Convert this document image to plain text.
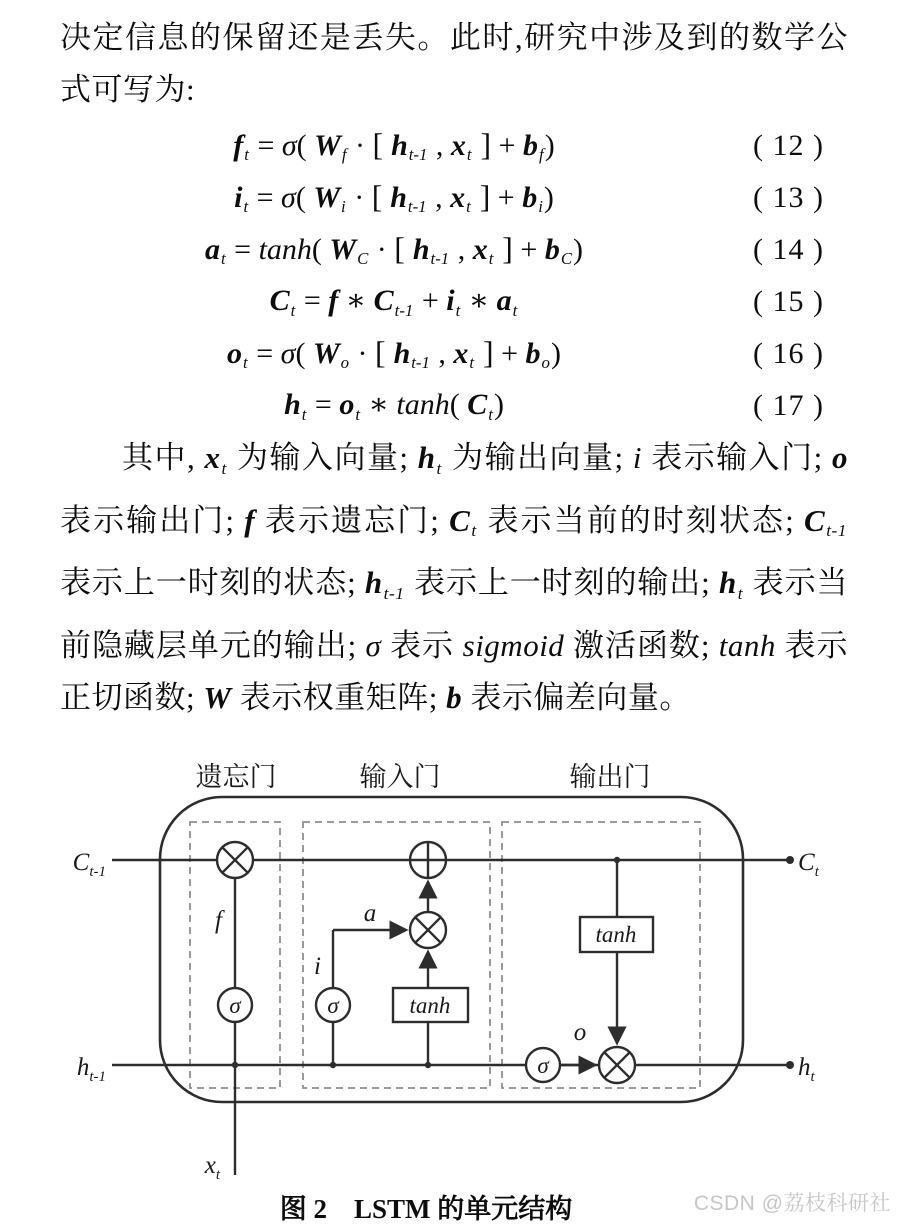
决定信息的保留还是丢失。此时,研究中涉及到的数学公式可写为:

ft = σ( Wf · [ ht-1 , xt ] + bf)	( 12 )
it = σ( Wi · [ ht-1 , xt ] + bi)	( 13 )
at = tanh( WC · [ ht-1 , xt ] + bC)	( 14 )
Ct = f ∗ Ct-1 + it ∗ at	( 15 )
ot = σ( Wo · [ ht-1 , xt ] + bo)	( 16 )
ht = ot ∗ tanh( Ct)	( 17 )

其中, xt 为输入向量; ht 为输出向量; i 表示输入门; o 表示输出门; f 表示遗忘门; Ct 表示当前的时刻状态; Ct-1 表示上一时刻的状态; ht-1 表示上一时刻的输出; ht 表示当前隐藏层单元的输出; σ 表示 sigmoid 激活函数; tanh 表示正切函数; W 表示权重矩阵; b 表示偏差向量。

遗忘门	输入门	输出门
σ	σ
σ
tanh
tanh
f
i
a
o
Ct-1	Ct
ht-1	ht
xt
图 2　LSTM 的单元结构	CSDN @荔枝科研社
